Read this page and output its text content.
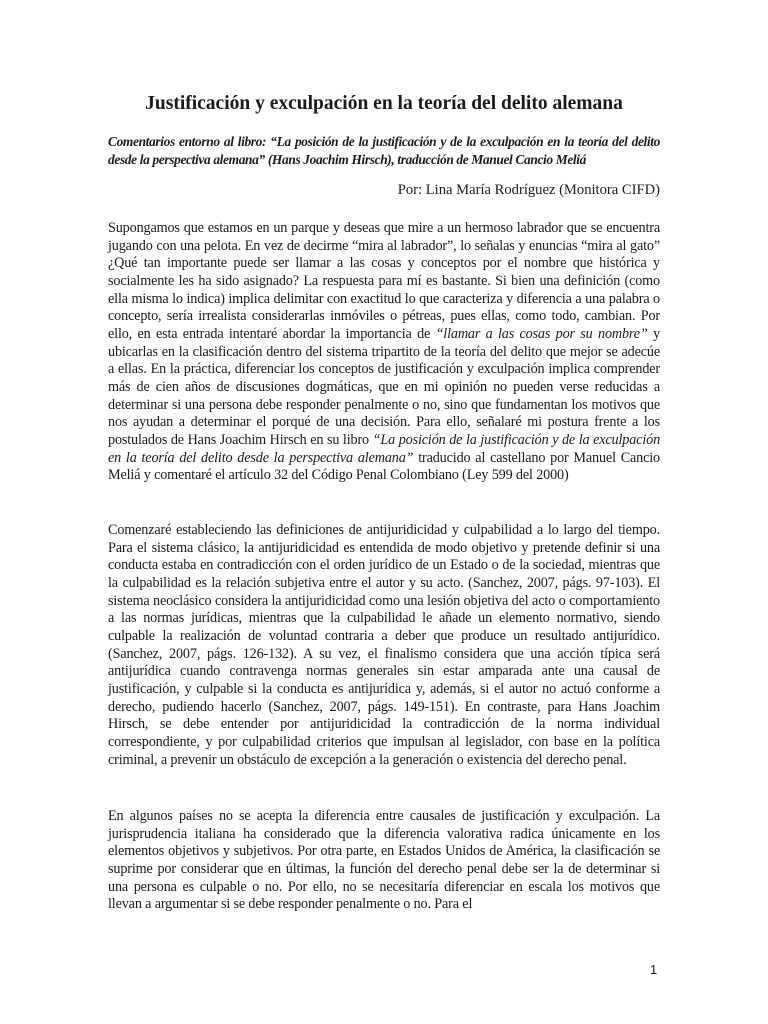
Justificación y exculpación en la teoría del delito alemana
Comentarios entorno al libro: “La posición de la justificación y de la exculpación en la teoría del delito desde la perspectiva alemana” (Hans Joachim Hirsch), traducción de Manuel Cancio Meliá
Por: Lina María Rodríguez (Monitora CIFD)
Supongamos que estamos en un parque y deseas que mire a un hermoso labrador que se encuentra jugando con una pelota. En vez de decirme “mira al labrador”, lo señalas y enuncias “mira al gato” ¿Qué tan importante puede ser llamar a las cosas y conceptos por el nombre que histórica y socialmente les ha sido asignado? La respuesta para mí es bastante. Si bien una definición (como ella misma lo indica) implica delimitar con exactitud lo que caracteriza y diferencia a una palabra o concepto, sería irrealista considerarlas inmóviles o pétreas, pues ellas, como todo, cambian. Por ello, en esta entrada intentaré abordar la importancia de “llamar a las cosas por su nombre” y ubicarlas en la clasificación dentro del sistema tripartito de la teoría del delito que mejor se adecúe a ellas. En la práctica, diferenciar los conceptos de justificación y exculpación implica comprender más de cien años de discusiones dogmáticas, que en mi opinión no pueden verse reducidas a determinar si una persona debe responder penalmente o no, sino que fundamentan los motivos que nos ayudan a determinar el porqué de una decisión. Para ello, señalaré mi postura frente a los postulados de Hans Joachim Hirsch en su libro “La posición de la justificación y de la exculpación en la teoría del delito desde la perspectiva alemana” traducido al castellano por Manuel Cancio Meliá y comentaré el artículo 32 del Código Penal Colombiano (Ley 599 del 2000)
Comenzaré estableciendo las definiciones de antijuridicidad y culpabilidad a lo largo del tiempo. Para el sistema clásico, la antijuridicidad es entendida de modo objetivo y pretende definir si una conducta estaba en contradicción con el orden jurídico de un Estado o de la sociedad, mientras que la culpabilidad es la relación subjetiva entre el autor y su acto. (Sanchez, 2007, págs. 97-103). El sistema neoclásico considera la antijuridicidad como una lesión objetiva del acto o comportamiento a las normas jurídicas, mientras que la culpabilidad le añade un elemento normativo, siendo culpable la realización de voluntad contraria a deber que produce un resultado antijurídico. (Sanchez, 2007, págs. 126-132). A su vez, el finalismo considera que una acción típica será antijurídica cuando contravenga normas generales sin estar amparada ante una causal de justificación, y culpable si la conducta es antijurídica y, además, si el autor no actuó conforme a derecho, pudiendo hacerlo (Sanchez, 2007, págs. 149-151). En contraste, para Hans Joachim Hirsch, se debe entender por antijuridicidad la contradicción de la norma individual correspondiente, y por culpabilidad criterios que impulsan al legislador, con base en la política criminal, a prevenir un obstáculo de excepción a la generación o existencia del derecho penal.
En algunos países no se acepta la diferencia entre causales de justificación y exculpación. La jurisprudencia italiana ha considerado que la diferencia valorativa radica únicamente en los elementos objetivos y subjetivos. Por otra parte, en Estados Unidos de América, la clasificación se suprime por considerar que en últimas, la función del derecho penal debe ser la de determinar si una persona es culpable o no. Por ello, no se necesitaría diferenciar en escala los motivos que llevan a argumentar si se debe responder penalmente o no. Para el
1
